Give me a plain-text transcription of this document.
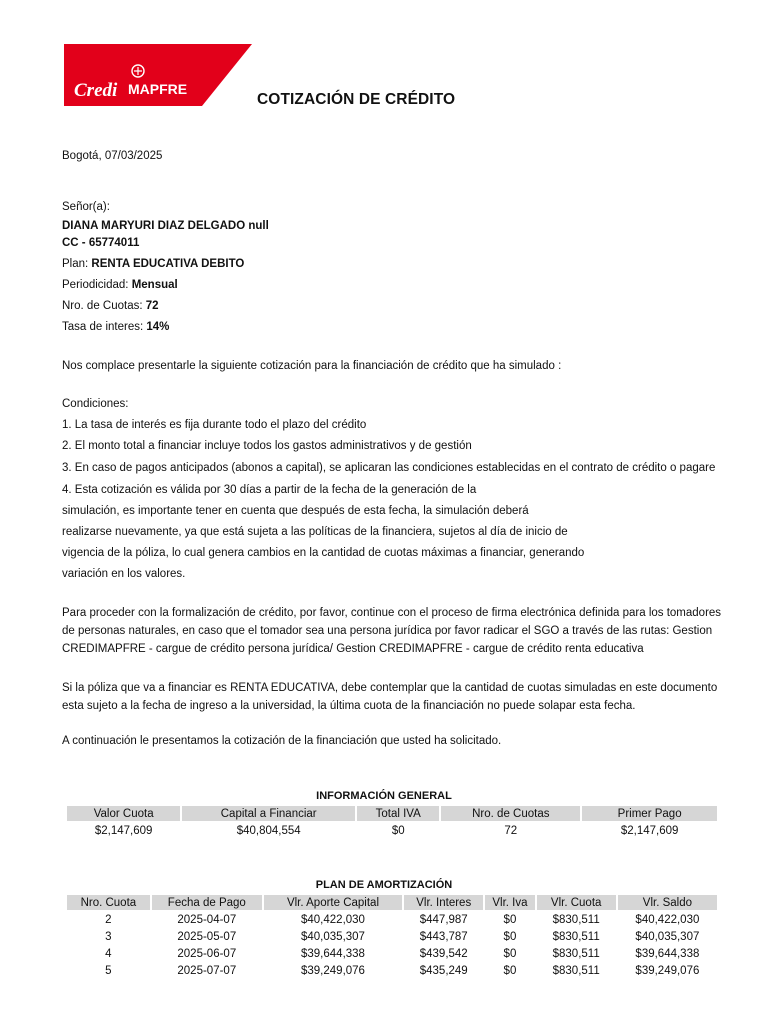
Credi MAPFRE
COTIZACIÓN DE CRÉDITO
Bogotá, 07/03/2025
Señor(a):
DIANA MARYURI DIAZ DELGADO null
CC - 65774011
Plan: RENTA EDUCATIVA DEBITO
Periodicidad: Mensual
Nro. de Cuotas: 72
Tasa de interes: 14%
Nos complace presentarle la siguiente cotización para la financiación de crédito que ha simulado :
Condiciones:
1. La tasa de interés es fija durante todo el plazo del crédito
2. El monto total a financiar incluye todos los gastos administrativos y de gestión
3. En caso de pagos anticipados (abonos a capital), se aplicaran las condiciones establecidas en el contrato de crédito o pagare
4. Esta cotización es válida por 30 días a partir de la fecha de la generación de la
simulación, es importante tener en cuenta que después de esta fecha, la simulación deberá
realizarse nuevamente, ya que está sujeta a las políticas de la financiera, sujetos al día de inicio de
vigencia de la póliza, lo cual genera cambios en la cantidad de cuotas máximas a financiar, generando
variación en los valores.
Para proceder con la formalización de crédito, por favor, continue con el proceso de firma electrónica definida para los tomadores de personas naturales, en caso que el tomador sea una persona jurídica por favor radicar el SGO a través de las rutas: Gestion CREDIMAPFRE - cargue de crédito persona jurídica/ Gestion CREDIMAPFRE - cargue de crédito renta educativa
Si la póliza que va a financiar es RENTA EDUCATIVA, debe contemplar que la cantidad de cuotas simuladas en este documento esta sujeto a la fecha de ingreso a la universidad, la última cuota de la financiación no puede solapar esta fecha.
A continuación le presentamos la cotización de la financiación que usted ha solicitado.
INFORMACIÓN GENERAL
Valor Cuota	Capital a Financiar	Total IVA	Nro. de Cuotas	Primer Pago
$2,147,609	$40,804,554	$0	72	$2,147,609
PLAN DE AMORTIZACIÓN
Nro. Cuota	Fecha de Pago	Vlr. Aporte Capital	Vlr. Interes	Vlr. Iva	Vlr. Cuota	Vlr. Saldo
2	2025-04-07	$40,422,030	$447,987	$0	$830,511	$40,422,030
3	2025-05-07	$40,035,307	$443,787	$0	$830,511	$40,035,307
4	2025-06-07	$39,644,338	$439,542	$0	$830,511	$39,644,338
5	2025-07-07	$39,249,076	$435,249	$0	$830,511	$39,249,076
